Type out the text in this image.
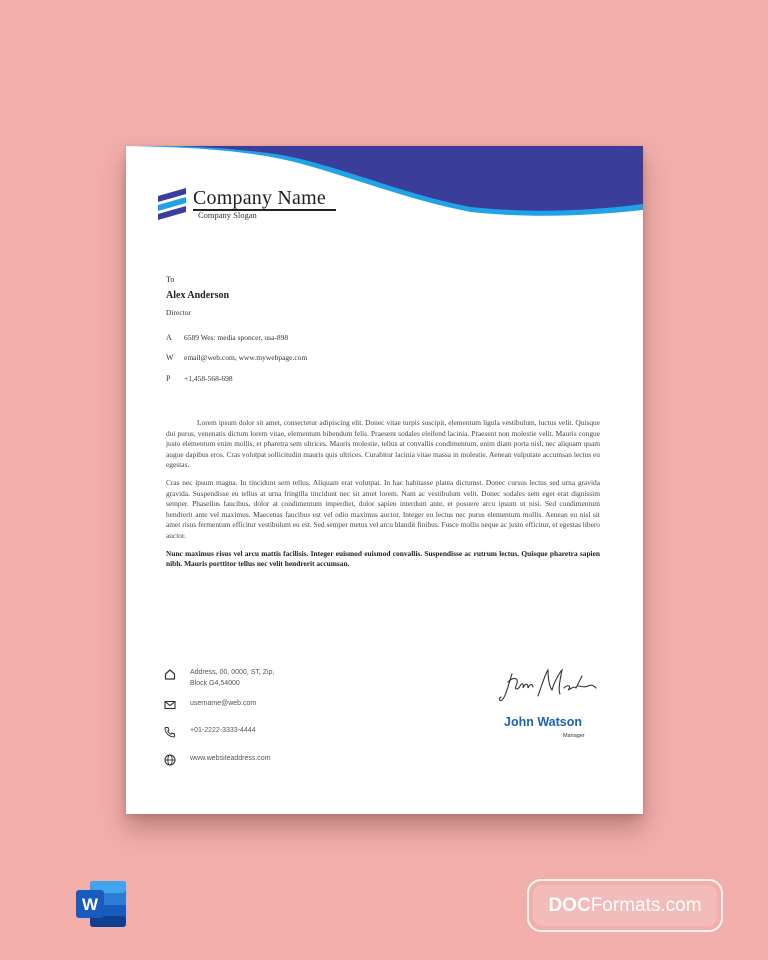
Company Name
Company Slogan
To
Alex Anderson
Director
A	6589 Wes: media sponcer, usa-898
W	email@web.com, www.mywebpage.com
P	+1,458-568-698

Lorem ipsum dolor sit amet, consectetur adipiscing elit. Donec vitae turpis suscipit, elementum ligula vestibulum, luctus velit. Quisque dui purus, venenatis dictum lorem vitae, elementum bibendum felis. Praesent sodales eleifend lacinia. Praesent non molestie velit. Mauris congue justo elementum enim mollis, et pharetra sem ultrices. Mauris molestie, tellus at convallis condimentum, enim diam porta nisl, nec aliquam quam augue dapibus eros. Cras volutpat sollicitudin mauris quis ultrices. Curabitur lacinia vitae massa in molestie. Aenean vulputate accumsan lectus eu egestas.

Cras nec ipsum magna. In tincidunt sem tellus. Aliquam erat volutpat. In hac habitasse platea dictumst. Donec cursus lectus sed urna gravida gravida. Suspendisse eu tellus at urna fringilla tincidunt nec sit amet lorem. Nam ac vestibulum velit. Donec sodales sem eget erat dignissim semper. Phasellus faucibus, dolor at condimentum imperdiet, dolor sapien interdum ante, et posuere arcu ipsum ut nisi. Sed condimentum hendrerit ante vel maximus. Maecenas faucibus est vel odio maximus auctor. Integer eu lectus nec purus elementum mollis. Aenean eu nisl sit amet risus fermentum efficitur vestibulum eu est. Sed semper metus vel arcu blandit finibus. Fusce mollis neque ac justo efficitur, et egestas libero auctor.

Nunc maximus risus vel arcu mattis facilisis. Integer euismod euismod convallis. Suspendisse ac rutrum lectus. Quisque pharetra sapien nibh. Mauris porttitor tellus nec velit hendrerit accumsan.

Address, 00, 0000, ST, Zip,
Block G4,54000
username@web.com
+01-2222-3333-4444
www.websiteaddress.com
John Watson
Manager
W	DOC Formats.com
